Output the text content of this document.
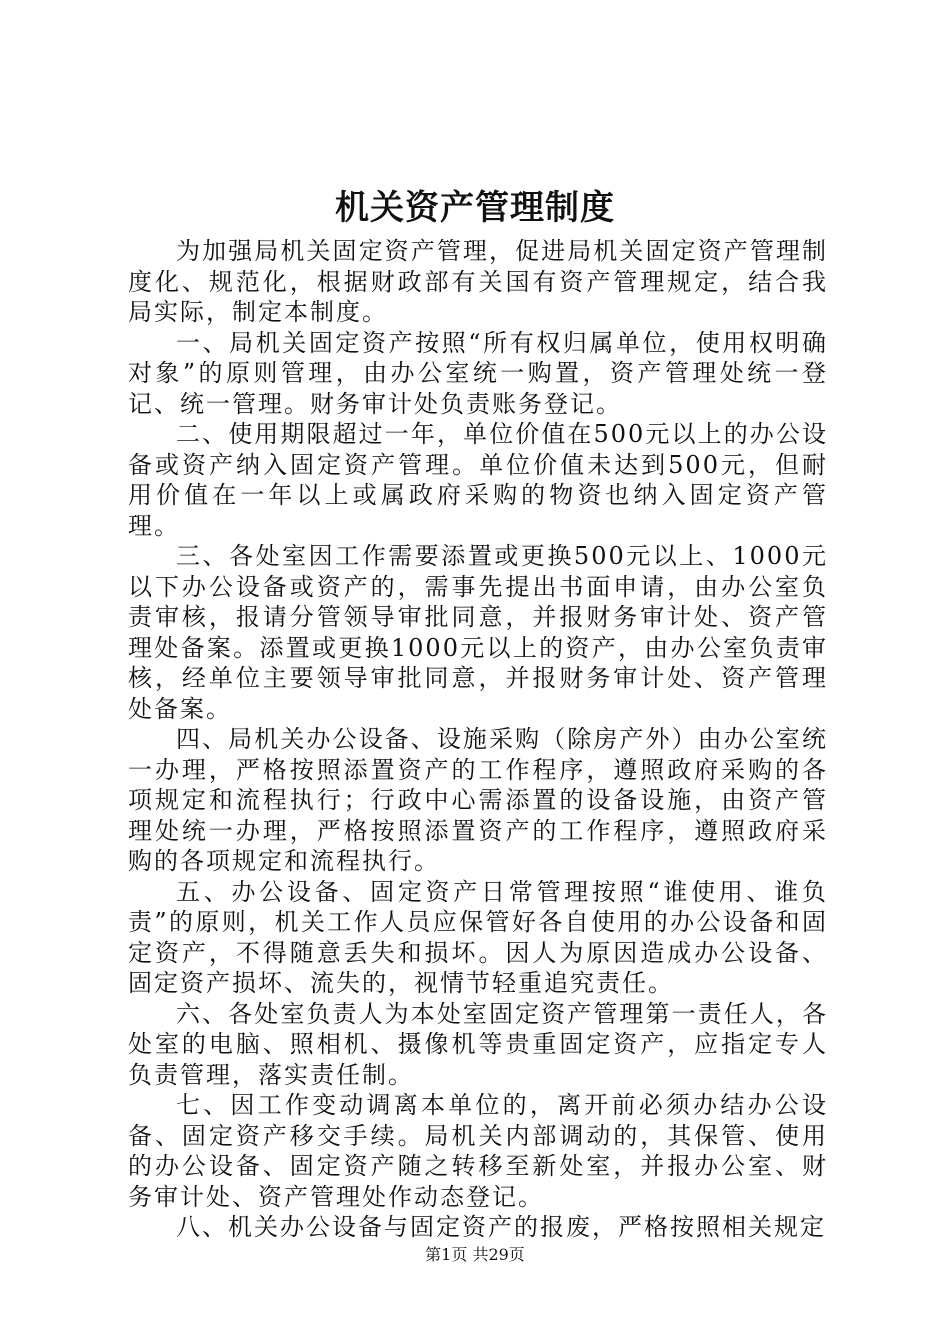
机关资产管理制度

为加强局机关固定资产管理，促进局机关固定资产管理制度化、规范化，根据财政部有关国有资产管理规定，结合我局实际，制定本制度。

一、局机关固定资产按照“所有权归属单位，使用权明确对象”的原则管理，由办公室统一购置，资产管理处统一登记、统一管理。财务审计处负责账务登记。

二、使用期限超过一年，单位价值在500元以上的办公设备或资产纳入固定资产管理。单位价值未达到500元，但耐用价值在一年以上或属政府采购的物资也纳入固定资产管理。

三、各处室因工作需要添置或更换500元以上、1000元以下办公设备或资产的，需事先提出书面申请，由办公室负责审核，报请分管领导审批同意，并报财务审计处、资产管理处备案。添置或更换1000元以上的资产，由办公室负责审核，经单位主要领导审批同意，并报财务审计处、资产管理处备案。

四、局机关办公设备、设施采购（除房产外）由办公室统一办理，严格按照添置资产的工作程序，遵照政府采购的各项规定和流程执行；行政中心需添置的设备设施，由资产管理处统一办理，严格按照添置资产的工作程序，遵照政府采购的各项规定和流程执行。

五、办公设备、固定资产日常管理按照“谁使用、谁负责”的原则，机关工作人员应保管好各自使用的办公设备和固定资产，不得随意丢失和损坏。因人为原因造成办公设备、固定资产损坏、流失的，视情节轻重追究责任。

六、各处室负责人为本处室固定资产管理第一责任人，各处室的电脑、照相机、摄像机等贵重固定资产，应指定专人负责管理，落实责任制。

七、因工作变动调离本单位的，离开前必须办结办公设备、固定资产移交手续。局机关内部调动的，其保管、使用的办公设备、固定资产随之转移至新处室，并报办公室、财务审计处、资产管理处作动态登记。

八、机关办公设备与固定资产的报废，严格按照相关规定

第1页 共29页
